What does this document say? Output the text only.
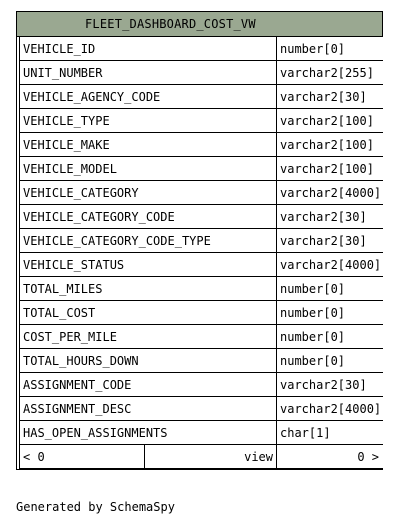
FLEET_DASHBOARD_COST_VW
VEHICLE_ID	number[0]
UNIT_NUMBER	varchar2[255]
VEHICLE_AGENCY_CODE	varchar2[30]
VEHICLE_TYPE	varchar2[100]
VEHICLE_MAKE	varchar2[100]
VEHICLE_MODEL	varchar2[100]
VEHICLE_CATEGORY	varchar2[4000]
VEHICLE_CATEGORY_CODE	varchar2[30]
VEHICLE_CATEGORY_CODE_TYPE	varchar2[30]
VEHICLE_STATUS	varchar2[4000]
TOTAL_MILES	number[0]
TOTAL_COST	number[0]
COST_PER_MILE	number[0]
TOTAL_HOURS_DOWN	number[0]
ASSIGNMENT_CODE	varchar2[30]
ASSIGNMENT_DESC	varchar2[4000]
HAS_OPEN_ASSIGNMENTS	char[1]
< 0	view	0 >
Generated by SchemaSpy
